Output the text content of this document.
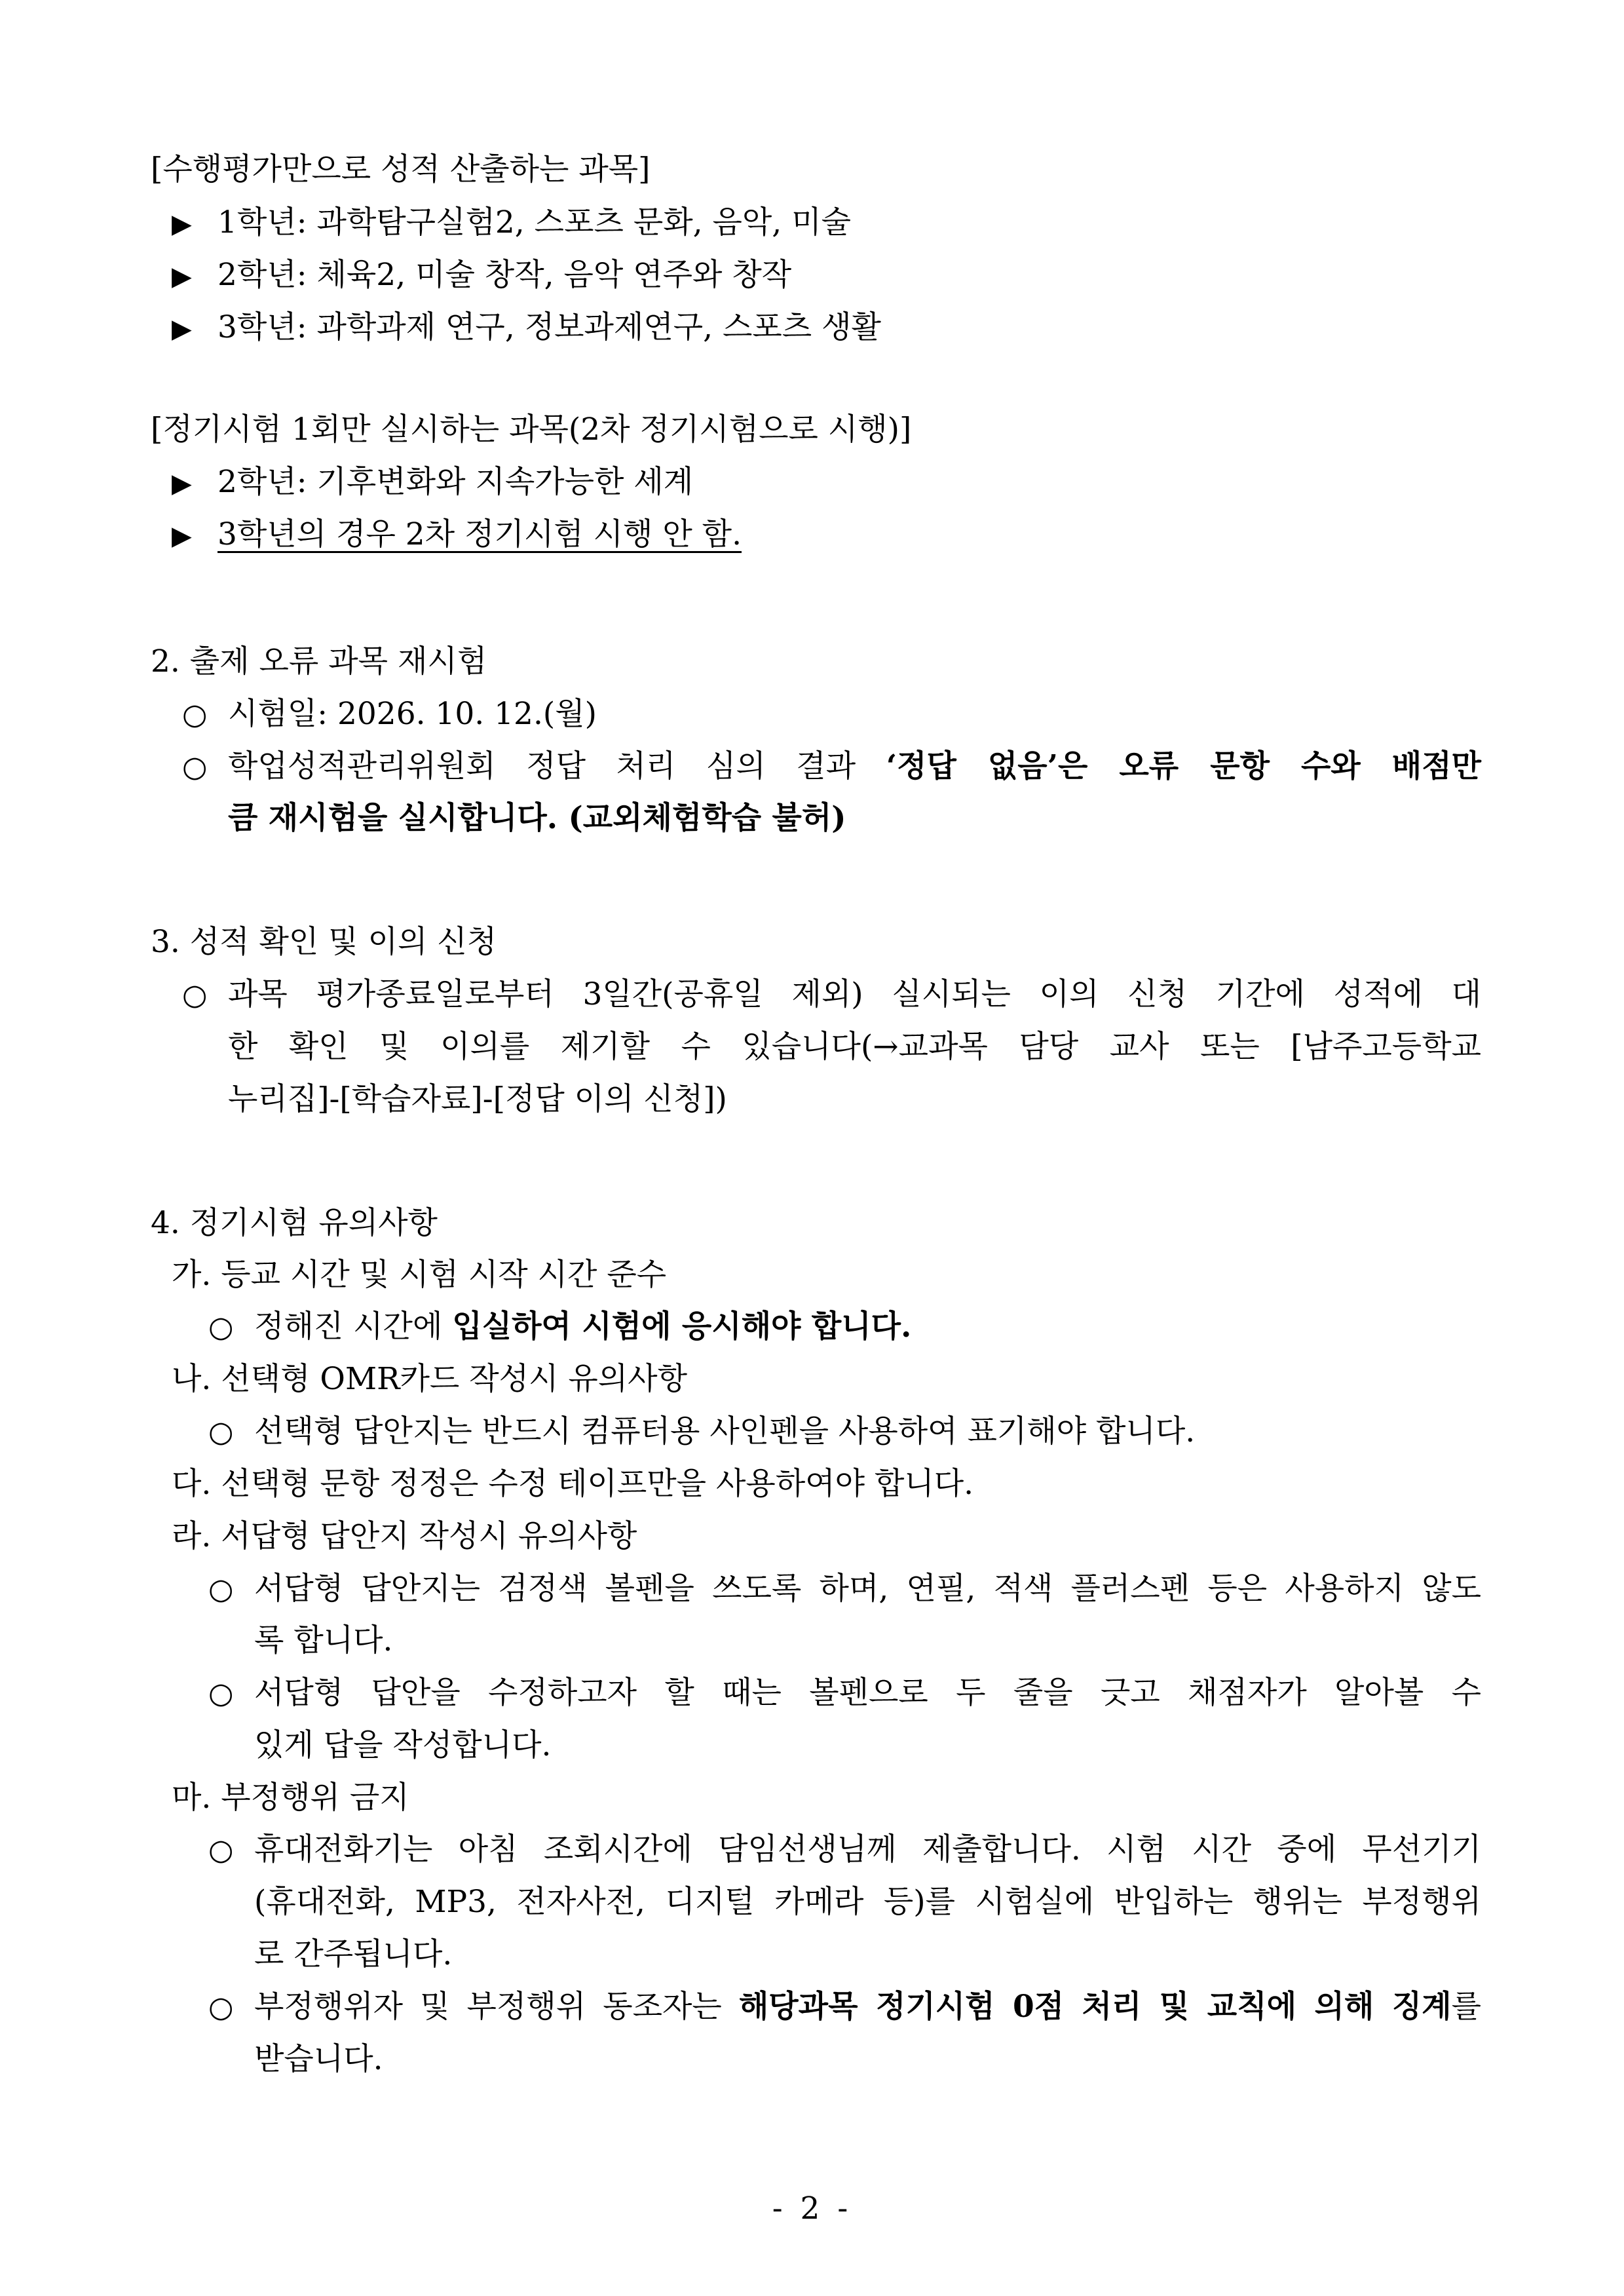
[수행평가만으로 성적 산출하는 과목]
▶ 1학년: 과학탐구실험2, 스포츠 문화, 음악, 미술
▶ 2학년: 체육2, 미술 창작, 음악 연주와 창작
▶ 3학년: 과학과제 연구, 정보과제연구, 스포츠 생활
[정기시험 1회만 실시하는 과목(2차 정기시험으로 시행)]
▶ 2학년: 기후변화와 지속가능한 세계
▶ 3학년의 경우 2차 정기시험 시행 안 함.
2. 출제 오류 과목 재시험
○ 시험일: 2026. 10. 12.(월)
○ 학업성적관리위원회 정답 처리 심의 결과 ‘정답 없음’은 오류 문항 수와 배점만
큼 재시험을 실시합니다. (교외체험학습 불허)
3. 성적 확인 및 이의 신청
○ 과목 평가종료일로부터 3일간(공휴일 제외) 실시되는 이의 신청 기간에 성적에 대
한 확인 및 이의를 제기할 수 있습니다(→교과목 담당 교사 또는 [남주고등학교
누리집]-[학습자료]-[정답 이의 신청])
4. 정기시험 유의사항
가. 등교 시간 및 시험 시작 시간 준수
○ 정해진 시간에 입실하여 시험에 응시해야 합니다.
나. 선택형 OMR카드 작성시 유의사항
○ 선택형 답안지는 반드시 컴퓨터용 사인펜을 사용하여 표기해야 합니다.
다. 선택형 문항 정정은 수정 테이프만을 사용하여야 합니다.
라. 서답형 답안지 작성시 유의사항
○ 서답형 답안지는 검정색 볼펜을 쓰도록 하며, 연필, 적색 플러스펜 등은 사용하지 않도
록 합니다.
○ 서답형 답안을 수정하고자 할 때는 볼펜으로 두 줄을 긋고 채점자가 알아볼 수
있게 답을 작성합니다.
마. 부정행위 금지
○ 휴대전화기는 아침 조회시간에 담임선생님께 제출합니다. 시험 시간 중에 무선기기
(휴대전화, MP3, 전자사전, 디지털 카메라 등)를 시험실에 반입하는 행위는 부정행위
로 간주됩니다.
○ 부정행위자 및 부정행위 동조자는 해당과목 정기시험 0점 처리 및 교칙에 의해 징계를
받습니다.
- 2 -
